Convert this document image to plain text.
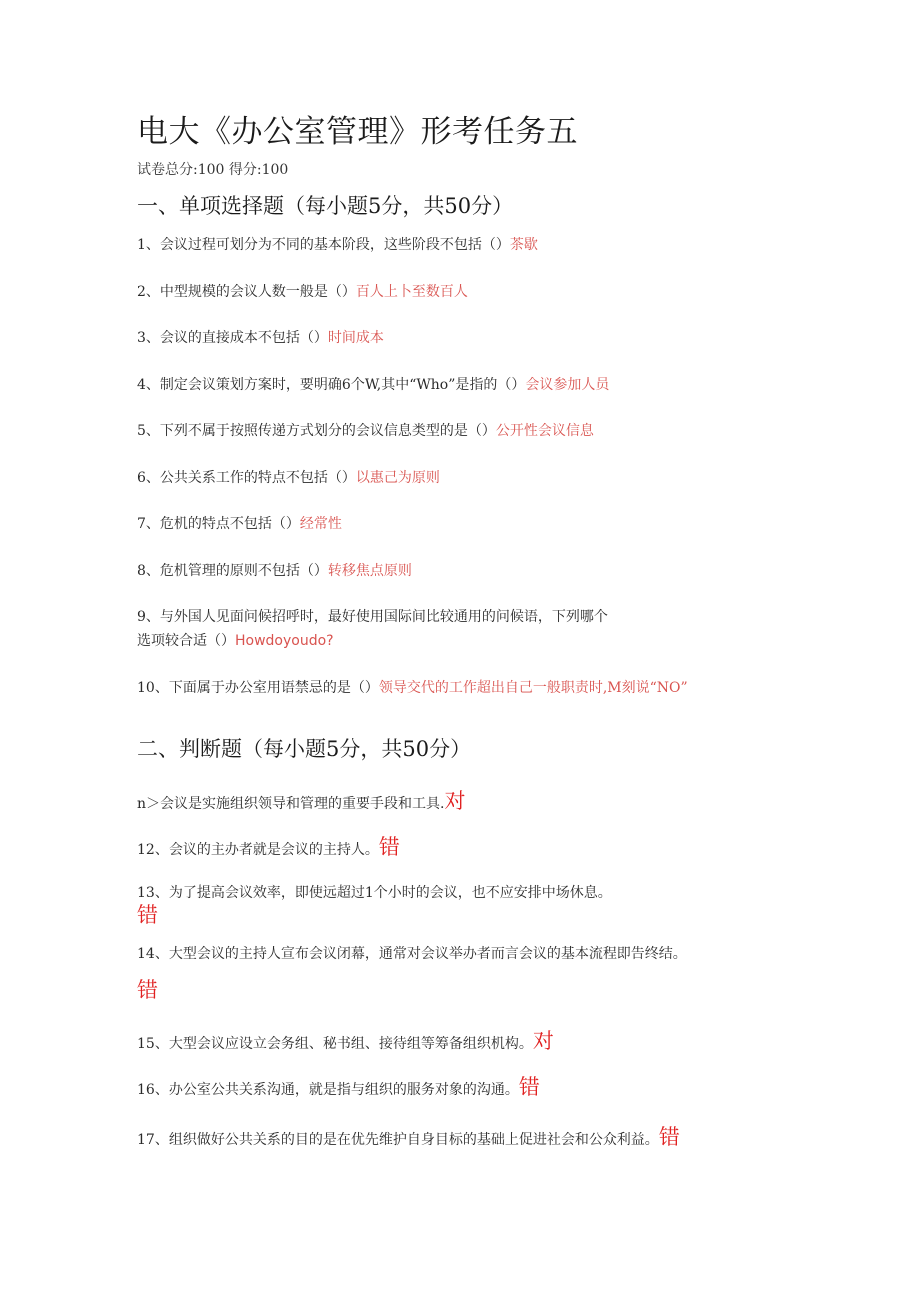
电大《办公室管理》形考任务五
试卷总分:100 得分:100
一、单项选择题（每小题5分，共50分）
1、会议过程可划分为不同的基本阶段，这些阶段不包括（）茶歇
2、中型规模的会议人数一般是（）百人上卜至数百人
3、会议的直接成本不包括（）时间成本
4、制定会议策划方案时，要明确6个W,其中“Who”是指的（）会议参加人员
5、下列不属于按照传递方式划分的会议信息类型的是（）公开性会议信息
6、公共关系工作的特点不包括（）以惠己为原则
7、危机的特点不包括（）经常性
8、危机管理的原则不包括（）转移焦点原则
9、与外国人见面问候招呼时，最好使用国际间比较通用的问候语，下列哪个
选项较合适（）Howdoyoudo?
10、下面属于办公室用语禁忌的是（）领导交代的工作超出自己一般职责时,M刻说“NO”
二、判断题（每小题5分，共50分）
n＞会议是实施组织领导和管理的重要手段和工具.对
12、会议的主办者就是会议的主持人。错
13、为了提高会议效率，即使远超过1个小时的会议，也不应安排中场休息。
错
14、大型会议的主持人宣布会议闭幕，通常对会议举办者而言会议的基本流程即告终结。
错
15、大型会议应设立会务组、秘书组、接待组等筹备组织机构。对
16、办公室公共关系沟通，就是指与组织的服务对象的沟通。错
17、组织做好公共关系的目的是在优先维护自身目标的基础上促进社会和公众利益。错
